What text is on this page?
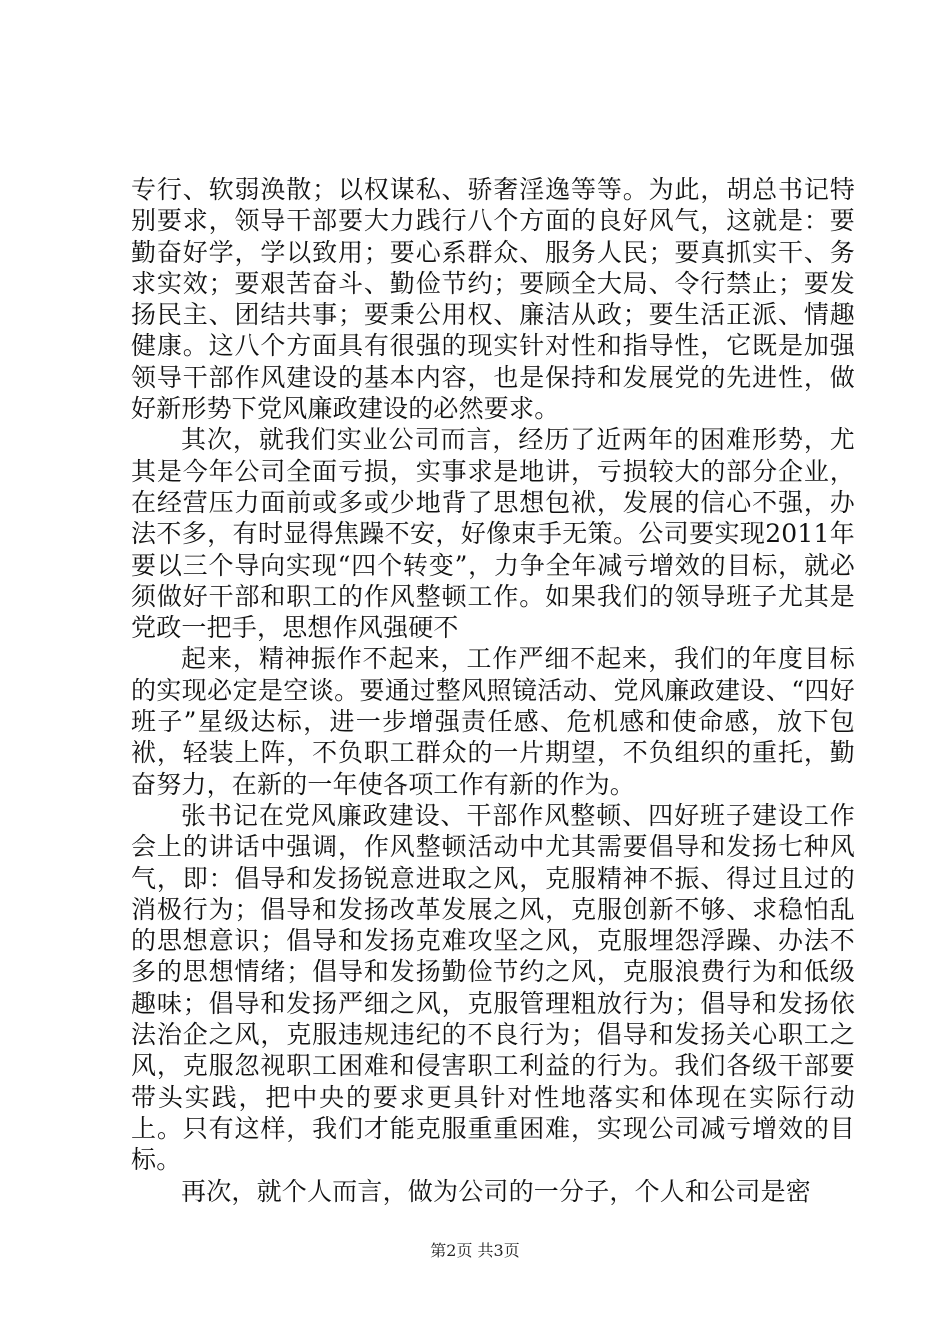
专行、软弱涣散；以权谋私、骄奢淫逸等等。为此，胡总书记特别要求，领导干部要大力践行八个方面的良好风气，这就是：要勤奋好学，学以致用；要心系群众、服务人民；要真抓实干、务求实效；要艰苦奋斗、勤俭节约；要顾全大局、令行禁止；要发扬民主、团结共事；要秉公用权、廉洁从政；要生活正派、情趣健康。这八个方面具有很强的现实针对性和指导性，它既是加强领导干部作风建设的基本内容，也是保持和发展党的先进性，做好新形势下党风廉政建设的必然要求。

其次，就我们实业公司而言，经历了近两年的困难形势，尤其是今年公司全面亏损，实事求是地讲，亏损较大的部分企业，在经营压力面前或多或少地背了思想包袱，发展的信心不强，办法不多，有时显得焦躁不安，好像束手无策。公司要实现2011年要以三个导向实现“四个转变”，力争全年减亏增效的目标，就必须做好干部和职工的作风整顿工作。如果我们的领导班子尤其是党政一把手，思想作风强硬不

起来，精神振作不起来，工作严细不起来，我们的年度目标的实现必定是空谈。要通过整风照镜活动、党风廉政建设、“四好班子”星级达标，进一步增强责任感、危机感和使命感，放下包袱，轻装上阵，不负职工群众的一片期望，不负组织的重托，勤奋努力，在新的一年使各项工作有新的作为。

张书记在党风廉政建设、干部作风整顿、四好班子建设工作会上的讲话中强调，作风整顿活动中尤其需要倡导和发扬七种风气，即：倡导和发扬锐意进取之风，克服精神不振、得过且过的消极行为；倡导和发扬改革发展之风，克服创新不够、求稳怕乱的思想意识；倡导和发扬克难攻坚之风，克服埋怨浮躁、办法不多的思想情绪；倡导和发扬勤俭节约之风，克服浪费行为和低级趣味；倡导和发扬严细之风，克服管理粗放行为；倡导和发扬依法治企之风，克服违规违纪的不良行为；倡导和发扬关心职工之风，克服忽视职工困难和侵害职工利益的行为。我们各级干部要带头实践，把中央的要求更具针对性地落实和体现在实际行动上。只有这样，我们才能克服重重困难，实现公司减亏增效的目标。

再次，就个人而言，做为公司的一分子，个人和公司是密

第2页 共3页
